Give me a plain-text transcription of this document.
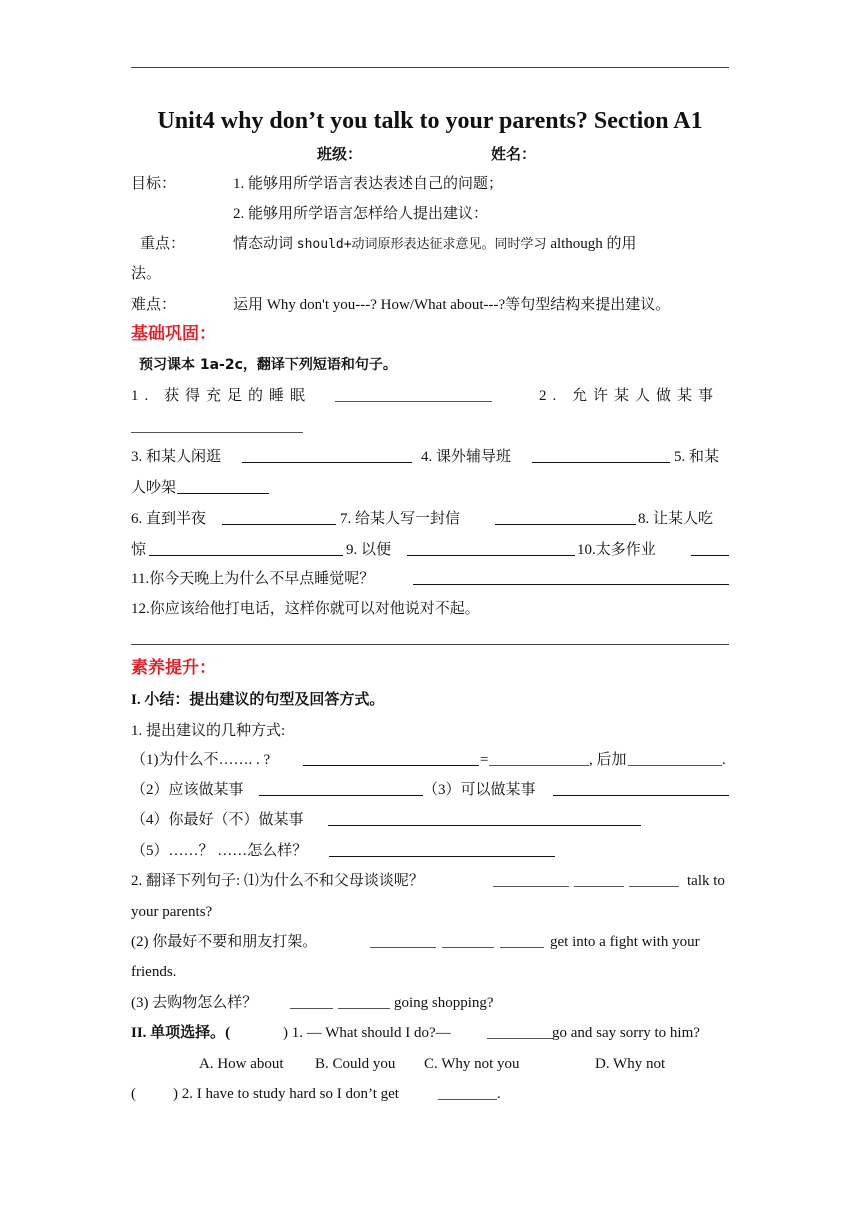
Unit4 why don’t you talk to your parents? Section A1
班级：	姓名：
目标：	1. 能够用所学语言表达表述自己的问题；
2. 能够用所学语言怎样给人提出建议：
重点：	情态动词 should+动词原形表达征求意见。同时学习 although 的用
法。
难点：	运用 Why don't you---? How/What about---?等句型结构来提出建议。
基础巩固：
预习课本 1a-2c，翻译下列短语和句子。
1. 获得充足的睡眠	2. 允许某人做某事
3. 和某人闲逛	4. 课外辅导班	5. 和某
人吵架
6. 直到半夜	7. 给某人写一封信	8. 让某人吃
惊	9. 以便	10.太多作业
11.你今天晚上为什么不早点睡觉呢？
12.你应该给他打电话，这样你就可以对他说对不起。
素养提升：
I. 小结：提出建议的句型及回答方式。
1. 提出建议的几种方式:
（1)为什么不……. . ?	=	, 后加	.
（2）应该做某事	（3）可以做某事
（4）你最好（不）做某事
（5）……？ ……怎么样？
2. 翻译下列句子: ⑴为什么不和父母谈谈呢？	talk to
your parents?
(2) 你最好不要和朋友打架。	get into a fight with your
friends.
(3) 去购物怎么样？	going shopping?
II. 单项选择。(	) 1. — What should I do?—	go and say sorry to him?
A. How about B. Could you C. Why not you	D. Why not
( ) 2. I have to study hard so I don’t get	.
